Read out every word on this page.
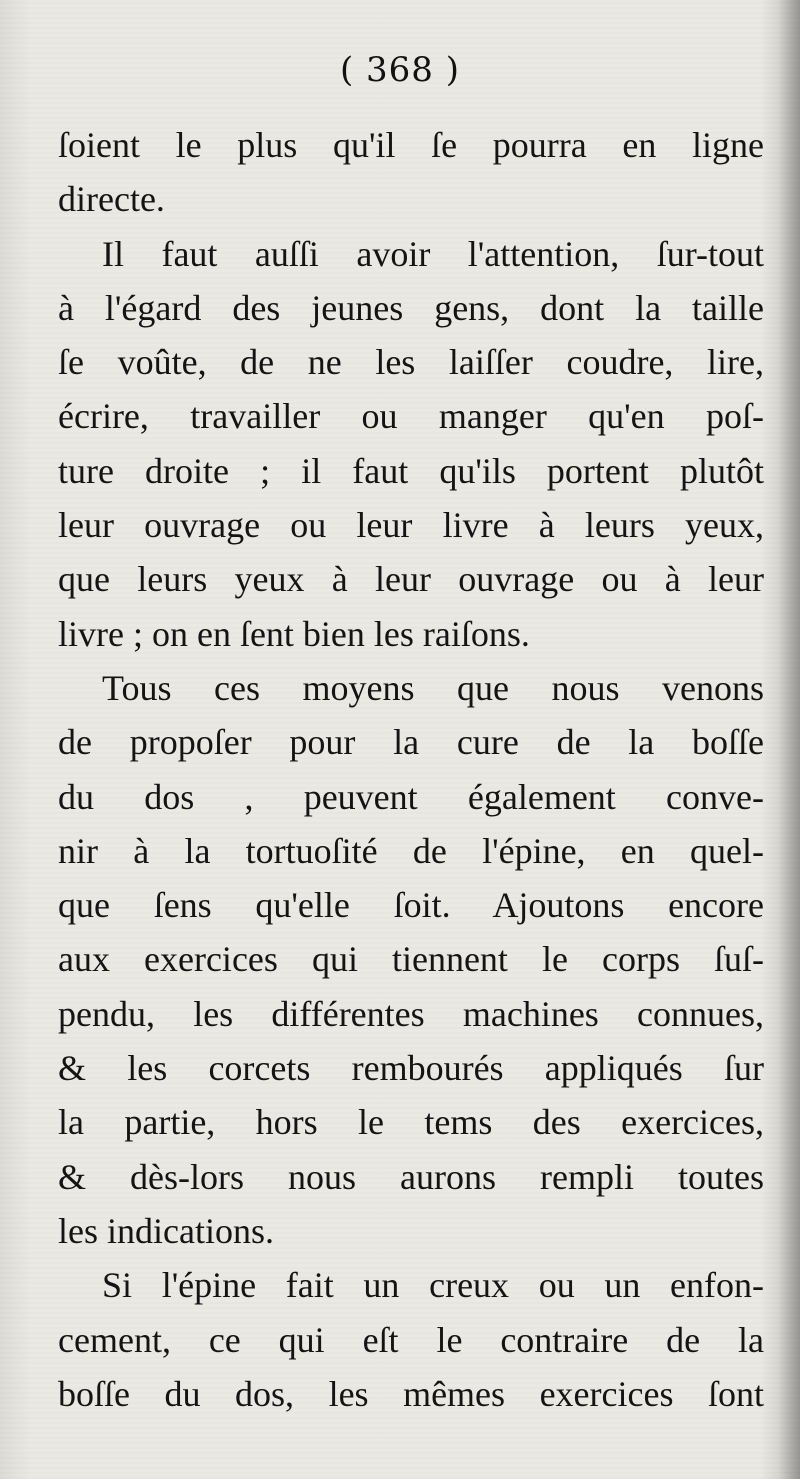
( 368 )
ſoient le plus qu'il ſe pourra en ligne
directe.
Il faut auſſi avoir l'attention, ſur-tout
à l'égard des jeunes gens, dont la taille
ſe voûte, de ne les laiſſer coudre, lire,
écrire, travailler ou manger qu'en poſ-
ture droite ; il faut qu'ils portent plutôt
leur ouvrage ou leur livre à leurs yeux,
que leurs yeux à leur ouvrage ou à leur
livre ; on en ſent bien les raiſons.
Tous ces moyens que nous venons
de propoſer pour la cure de la boſſe
du dos , peuvent également conve-
nir à la tortuoſité de l'épine, en quel-
que ſens qu'elle ſoit. Ajoutons encore
aux exercices qui tiennent le corps ſuſ-
pendu, les différentes machines connues,
& les corcets rembourés appliqués ſur
la partie, hors le tems des exercices,
& dès-lors nous aurons rempli toutes
les indications.
Si l'épine fait un creux ou un enfon-
cement, ce qui eſt le contraire de la
boſſe du dos, les mêmes exercices ſont
